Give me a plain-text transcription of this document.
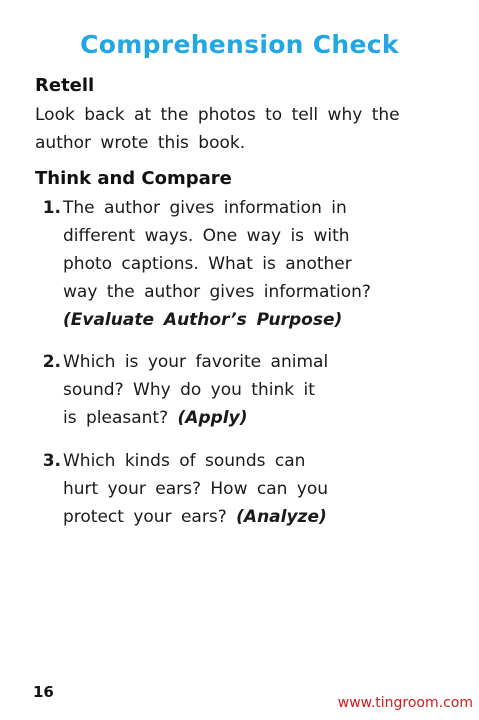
Comprehension Check
Retell
Look back at the photos to tell why the
author wrote this book.
Think and Compare
1. The author gives information in
different ways. One way is with
photo captions. What is another
way the author gives information?
(Evaluate Author’s Purpose)
2. Which is your favorite animal
sound? Why do you think it
is pleasant? (Apply)
3. Which kinds of sounds can
hurt your ears? How can you
protect your ears? (Analyze)
16
www.tingroom.com
